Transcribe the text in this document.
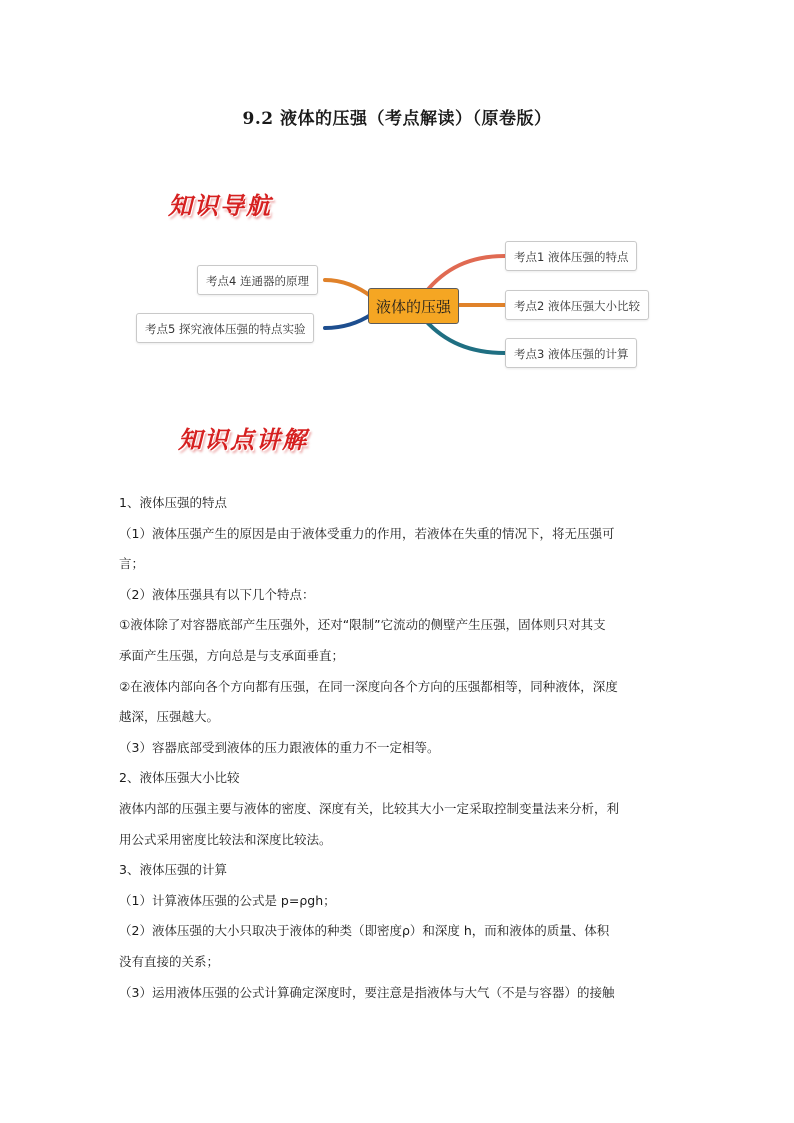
9.2 液体的压强（考点解读）（原卷版）
知识导航
液体的压强
考点1 液体压强的特点
考点2 液体压强大小比较
考点3 液体压强的计算
考点4 连通器的原理
考点5 探究液体压强的特点实验
知识点讲解

1、液体压强的特点

（1）液体压强产生的原因是由于液体受重力的作用，若液体在失重的情况下，将无压强可

言；

（2）液体压强具有以下几个特点：

①液体除了对容器底部产生压强外，还对“限制”它流动的侧壁产生压强，固体则只对其支

承面产生压强，方向总是与支承面垂直；

②在液体内部向各个方向都有压强，在同一深度向各个方向的压强都相等，同种液体，深度

越深，压强越大。

（3）容器底部受到液体的压力跟液体的重力不一定相等。

2、液体压强大小比较

液体内部的压强主要与液体的密度、深度有关，比较其大小一定采取控制变量法来分析，利

用公式采用密度比较法和深度比较法。

3、液体压强的计算

（1）计算液体压强的公式是 p=ρgh；

（2）液体压强的大小只取决于液体的种类（即密度ρ）和深度 h，而和液体的质量、体积

没有直接的关系；

（3）运用液体压强的公式计算确定深度时，要注意是指液体与大气（不是与容器）的接触
